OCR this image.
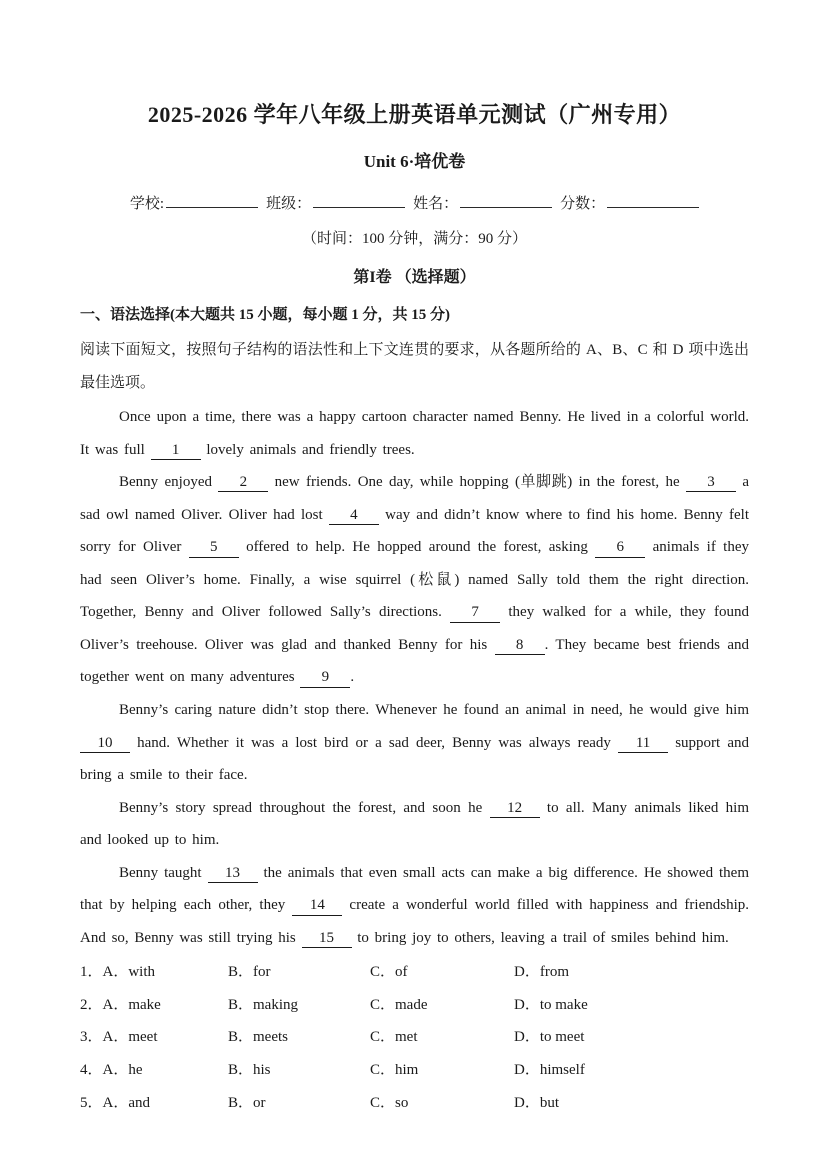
2025-2026 学年八年级上册英语单元测试（广州专用）
Unit 6·培优卷
学校:	班级：	姓名：	分数：
（时间：100 分钟，满分：90 分）
第I卷 （选择题）
一、语法选择(本大题共 15 小题，每小题 1 分，共 15 分)

阅读下面短文，按照句子结构的语法性和上下文连贯的要求，从各题所给的 A、B、C 和 D 项中选出最佳选项。

Once upon a time, there was a happy cartoon character named Benny. He lived in a colorful world. It was full 1 lovely animals and friendly trees.

Benny enjoyed 2 new friends. One day, while hopping (单脚跳) in the forest, he 3 a sad owl named Oliver. Oliver had lost 4 way and didn’t know where to find his home. Benny felt sorry for Oliver 5 offered to help. He hopped around the forest, asking 6 animals if they had seen Oliver’s home. Finally, a wise squirrel (松鼠) named Sally told them the right direction. Together, Benny and Oliver followed Sally’s directions. 7 they walked for a while, they found Oliver’s treehouse. Oliver was glad and thanked Benny for his 8 . They became best friends and together went on many adventures 9 .

Benny’s caring nature didn’t stop there. Whenever he found an animal in need, he would give him 10 hand. Whether it was a lost bird or a sad deer, Benny was always ready 11 support and bring a smile to their face.

Benny’s story spread throughout the forest, and soon he 12 to all. Many animals liked him and looked up to him.

Benny taught 13 the animals that even small acts can make a big difference. He showed them that by helping each other, they 14 create a wonderful world filled with happiness and friendship. And so, Benny was still trying his 15 to bring joy to others, leaving a trail of smiles behind him.

1．A．with	B．for	C．of	D．from
2．A．make	B．making	C．made	D．to make
3．A．meet	B．meets	C．met	D．to meet
4．A．he	B．his	C．him	D．himself
5．A．and	B．or	C．so	D．but
